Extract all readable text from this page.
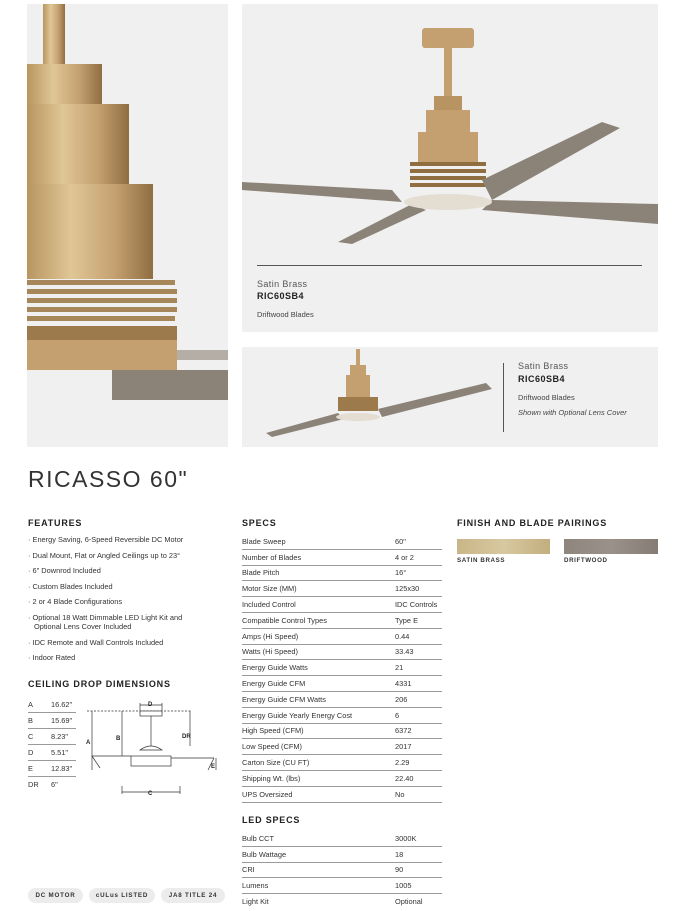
Satin Brass
RIC60SB4
Driftwood Blades
Satin Brass
RIC60SB4
Driftwood Blades
Shown with Optional Lens Cover
RICASSO 60"
FEATURES
· Energy Saving, 6-Speed Reversible DC Motor
· Dual Mount, Flat or Angled Ceilings up to 23°
· 6" Downrod Included
· Custom Blades Included
· 2 or 4 Blade Configurations
· Optional 18 Watt Dimmable LED Light Kit and Optional Lens Cover Included
· IDC Remote and Wall Controls Included
· Indoor Rated
CEILING DROP DIMENSIONS
A	16.62"
B	15.69"
C	8.23"
D	5.51"
E	12.83"
DR	6"
D
A
B	DR
E
C
SPECS
Blade Sweep	60"
Number of Blades	4 or 2
Blade Pitch	16°
Motor Size (MM)	125x30
Included Control	IDC Controls
Compatible Control Types	Type E
Amps (Hi Speed)	0.44
Watts (Hi Speed)	33.43
Energy Guide Watts	21
Energy Guide CFM	4331
Energy Guide CFM Watts	206
Energy Guide Yearly Energy Cost	6
High Speed (CFM)	6372
Low Speed (CFM)	2017
Carton Size (CU FT)	2.29
Shipping Wt. (lbs)	22.40
UPS Oversized	No
LED SPECS
Bulb CCT	3000K
Bulb Wattage	18
CRI	90
Lumens	1005
Light Kit	Optional
FINISH AND BLADE PAIRINGS
SATIN BRASS	DRIFTWOOD
DC MOTOR	cULus LISTED	JA8 TITLE 24
